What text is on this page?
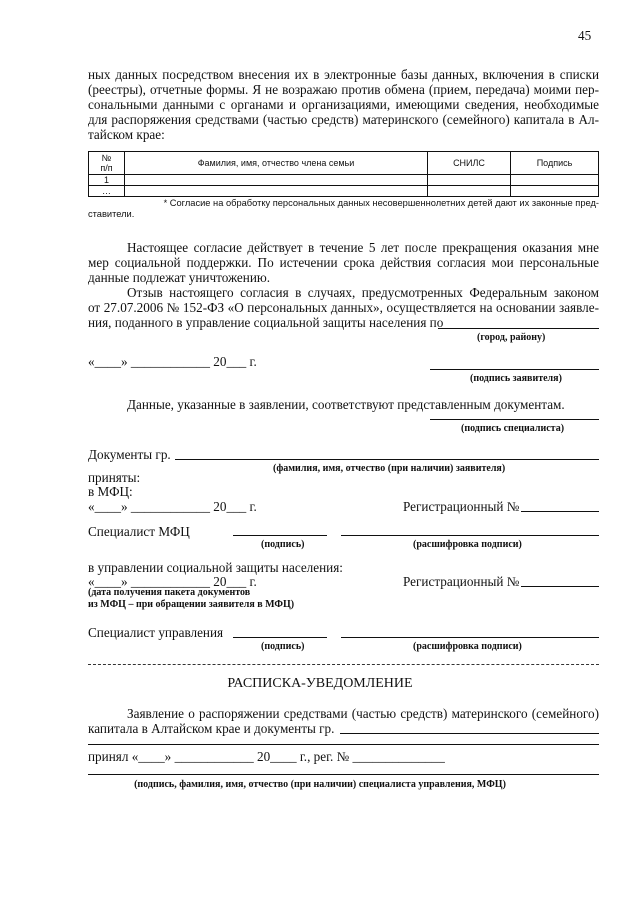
45
ных данных посредством внесения их в электронные базы данных, включения в списки
(реестры), отчетные формы. Я не возражаю против обмена (прием, передача) моими пер-
сональными данными с органами и организациями, имеющими сведения, необходимые
для распоряжения средствами (частью средств) материнского (семейного) капитала в Ал-
тайском крае:
№
п/п	Фамилия, имя, отчество члена семьи	СНИЛС	Подпись
1			
…			
* Согласие на обработку персональных данных несовершеннолетних детей дают их законные пред-
ставители.
Настоящее согласие действует в течение 5 лет после прекращения оказания мне
мер социальной поддержки. По истечении срока действия согласия мои персональные
данные подлежат уничтожению.
Отзыв настоящего согласия в случаях, предусмотренных Федеральным законом
от 27.07.2006 № 152-ФЗ «О персональных данных», осуществляется на основании заявле-
ния, поданного в управление социальной защиты населения по
(город, району)
«____» ____________ 20___ г.
(подпись заявителя)
Данные, указанные в заявлении, соответствуют представленным документам.
(подпись специалиста)
Документы гр.
(фамилия, имя, отчество (при наличии) заявителя)
приняты:
в МФЦ:
«____» ____________ 20___ г.	Регистрационный №
Специалист МФЦ
(подпись)	(расшифровка подписи)
в управлении социальной защиты населения:
«____» ____________ 20___ г.	Регистрационный №
(дата получения пакета документов
из МФЦ – при обращении заявителя в МФЦ)
Специалист управления
(подпись)	(расшифровка подписи)
РАСПИСКА-УВЕДОМЛЕНИЕ
Заявление о распоряжении средствами (частью средств) материнского (семейного)
капитала в Алтайском крае и документы гр.
принял «____» ____________ 20____ г., рег. № ______________
(подпись, фамилия, имя, отчество (при наличии) специалиста управления, МФЦ)
